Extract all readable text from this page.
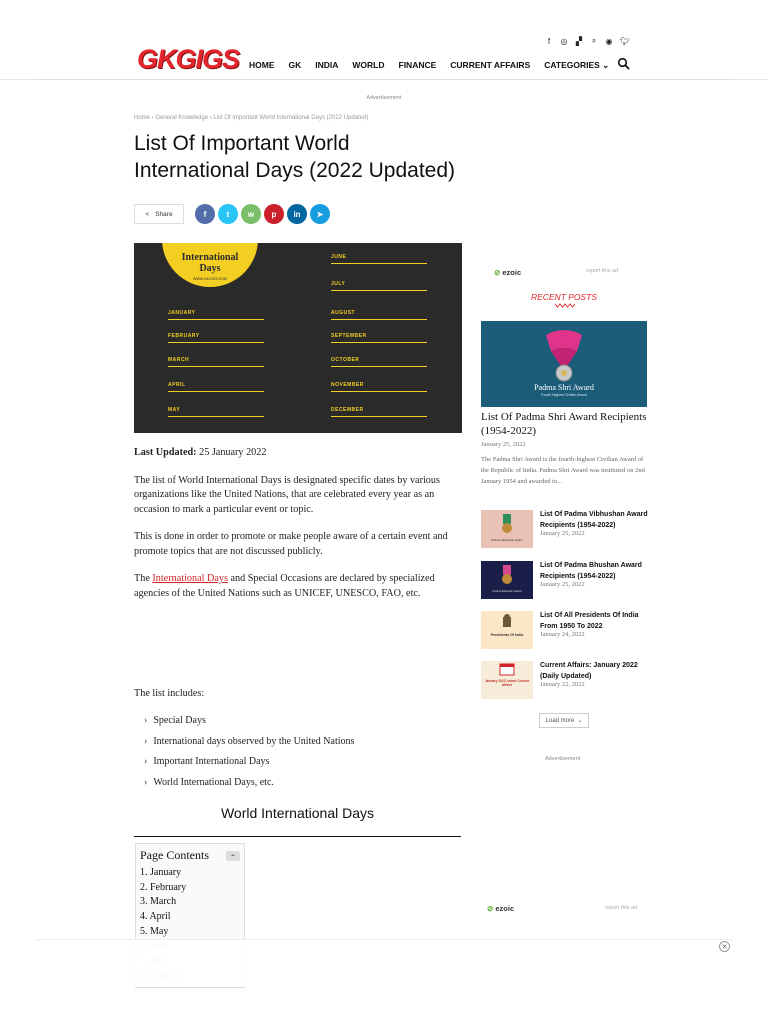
GKGIGS
f	◎ ▞	ᵖ	◉ 🐦︎
HOME GK INDIA WORLD FINANCE CURRENT AFFAIRS CATEGORIES ⌄
Advertisement
Home › General Knowledge › List Of Important World International Days (2022 Updated)
List Of Important World International Days (2022 Updated)
< Share	f	t	w	p	in	➤
International Days
WWW.GKGIGS.COM
JANUARY
FEBRUARY
MARCH
APRIL
MAY
JUNE
JULY
AUGUST
SEPTEMBER
OCTOBER
NOVEMBER
DECEMBER

Last Updated: 25 January 2022

The list of World International Days is designated specific dates by various organizations like the United Nations, that are celebrated every year as an occasion to mark a particular event or topic.

This is done in order to promote or make people aware of a certain event and promote topics that are not discussed publicly.

The International Days and Special Occasions are declared by specialized agencies of the United Nations such as UNICEF, UNESCO, FAO, etc.

The list includes:
› Special Days
› International days observed by the United Nations
› Important International Days
› World International Days, etc.
World International Days
Page Contents	≡
1. January
2. February
3. March
4. April
5. May
⊘ ezoic	report this ad
RECENT POSTS
Padma Shri Award
Fourth Highest Civilian Award
List Of Padma Shri Award Recipients (1954-2022)
January 25, 2022
The Padma Shri Award is the fourth-highest Civilian Award of the Republic of India. Padma Shri Award was instituted on 2nd January 1954 and awarded to...
Padma Vibhushan Award
List Of Padma Vibhushan Award Recipients (1954-2022)
January 25, 2022
Padma Bhushan Award
List Of Padma Bhushan Award Recipients (1954-2022)
January 25, 2022
Presidents Of India
List Of All Presidents Of India From 1950 To 2022
January 24, 2022
January 2022 Latest Current Affairs
Current Affairs: January 2022 (Daily Updated)
January 22, 2022
Load more ⌄
Advertisement
⊘ ezoic	report this ad
✕
